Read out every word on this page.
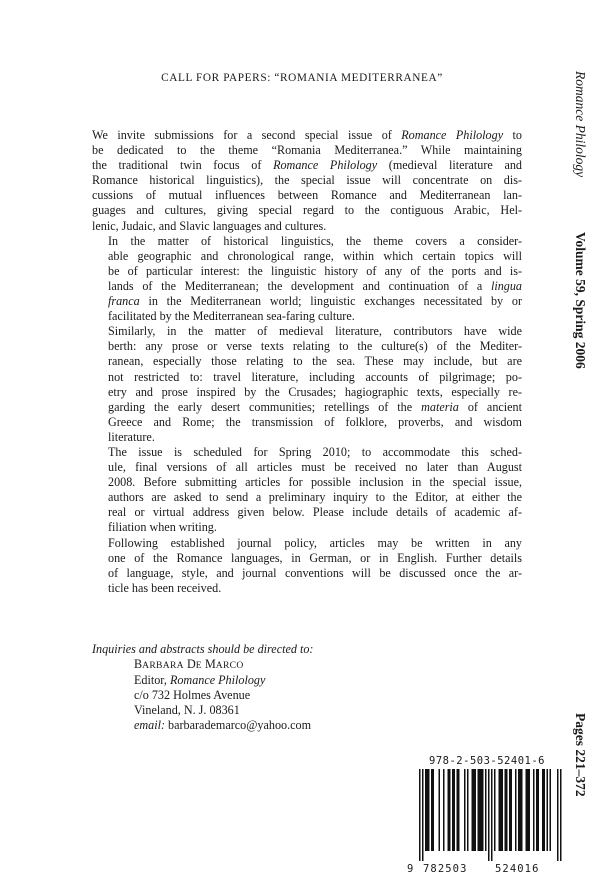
CALL FOR PAPERS: “ROMANIA MEDITERRANEA”

We invite submissions for a second special issue of Romance Philology to
be dedicated to the theme “Romania Mediterranea.” While maintaining
the traditional twin focus of Romance Philology (medieval literature and
Romance historical linguistics), the special issue will concentrate on dis-
cussions of mutual influences between Romance and Mediterranean lan-
guages and cultures, giving special regard to the contiguous Arabic, Hel-
lenic, Judaic, and Slavic languages and cultures.

In the matter of historical linguistics, the theme covers a consider-
able geographic and chronological range, within which certain topics will
be of particular interest: the linguistic history of any of the ports and is-
lands of the Mediterranean; the development and continuation of a lingua
franca in the Mediterranean world; linguistic exchanges necessitated by or
facilitated by the Mediterranean sea-faring culture.

Similarly, in the matter of medieval literature, contributors have wide
berth: any prose or verse texts relating to the culture(s) of the Mediter-
ranean, especially those relating to the sea. These may include, but are
not restricted to: travel literature, including accounts of pilgrimage; po-
etry and prose inspired by the Crusades; hagiographic texts, especially re-
garding the early desert communities; retellings of the materia of ancient
Greece and Rome; the transmission of folklore, proverbs, and wisdom
literature.

The issue is scheduled for Spring 2010; to accommodate this sched-
ule, final versions of all articles must be received no later than August
2008. Before submitting articles for possible inclusion in the special issue,
authors are asked to send a preliminary inquiry to the Editor, at either the
real or virtual address given below. Please include details of academic af-
filiation when writing.

Following established journal policy, articles may be written in any
one of the Romance languages, in German, or in English. Further details
of language, style, and journal conventions will be discussed once the ar-
ticle has been received.

Inquiries and abstracts should be directed to:
BARBARA DE MARCO
Editor, Romance Philology
c/o 732 Holmes Avenue
Vineland, N. J. 08361
email: barbarademarco@yahoo.com
Romance Philology
Volume 59, Spring 2006
Pages 221–372
978-2-503-52401-6
9 782503	524016
